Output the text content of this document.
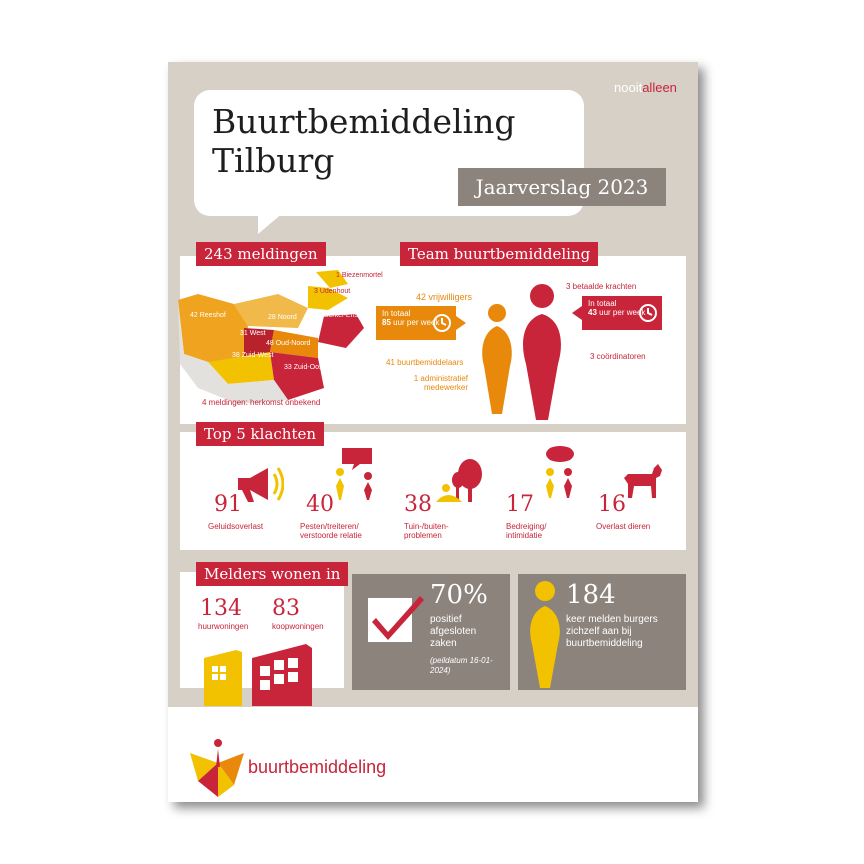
nooitalleen
Buurtbemiddeling
Tilburg
Jaarverslag 2023
243 meldingen	Team buurtbemiddeling
1 Biezenmortel
3 Udenhout
42 Reeshof	28 Noord 15 Berkel-Enschot
31 West
48 Oud-Noord
38 Zuid-West
33 Zuid-Oost
4 meldingen: herkomst onbekend
42 vrijwilligers
In totaal
85 uur per week
41 buurtbemiddelaars
1 administratief medewerker
3 betaalde krachten
In totaal
43 uur per week
3 coördinatoren
Top 5 klachten
91
Geluidsoverlast
40
Pesten/treiteren/ verstoorde relatie
38
Tuin-/buiten- problemen
17
Bedreiging/ intimidatie
16
Overlast dieren
Melders wonen in
134
huurwoningen
83
koopwoningen
70%
positief afgesloten zaken
(peildatum 16-01-2024)
184
keer melden burgers zichzelf aan bij buurtbemiddeling
buurtbemiddeling
